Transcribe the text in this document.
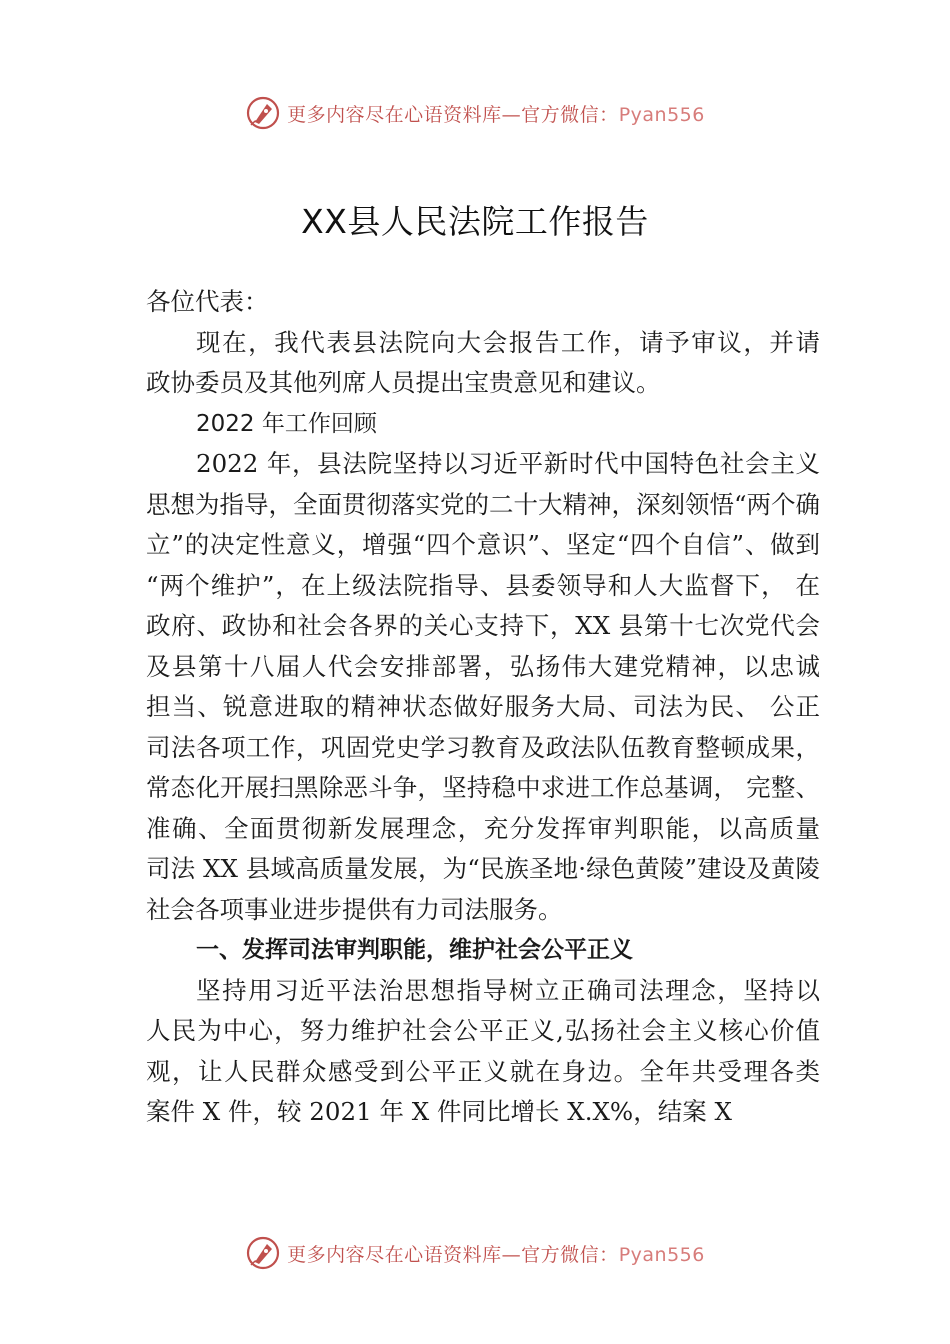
更多内容尽在心语资料库—官方微信：Pyan556
XX县人民法院工作报告
各位代表：
现在，我代表县法院向大会报告工作，请予审议，并请
政协委员及其他列席人员提出宝贵意见和建议。
2022 年工作回顾
2022 年，县法院坚持以习近平新时代中国特色社会主义
思想为指导，全面贯彻落实党的二十大精神，深刻领悟“两个确
立”的决定性意义，增强“四个意识”、坚定“四个自信”、做到
“两个维护”，在上级法院指导、县委领导和人大监督下， 在
政府、政协和社会各界的关心支持下，XX 县第十七次党代会
及县第十八届人代会安排部署，弘扬伟大建党精神，以忠诚
担当、锐意进取的精神状态做好服务大局、司法为民、 公正
司法各项工作，巩固党史学习教育及政法队伍教育整顿成果，
常态化开展扫黑除恶斗争，坚持稳中求进工作总基调， 完整、
准确、全面贯彻新发展理念，充分发挥审判职能，以高质量
司法 XX 县域高质量发展，为“民族圣地·绿色黄陵”建设及黄陵
社会各项事业进步提供有力司法服务。
一、发挥司法审判职能，维护社会公平正义
坚持用习近平法治思想指导树立正确司法理念，坚持以
人民为中心，努力维护社会公平正义,弘扬社会主义核心价值
观，让人民群众感受到公平正义就在身边。全年共受理各类
案件 X 件，较 2021 年 X 件同比增长 X.X%，结案 X
更多内容尽在心语资料库—官方微信：Pyan556
